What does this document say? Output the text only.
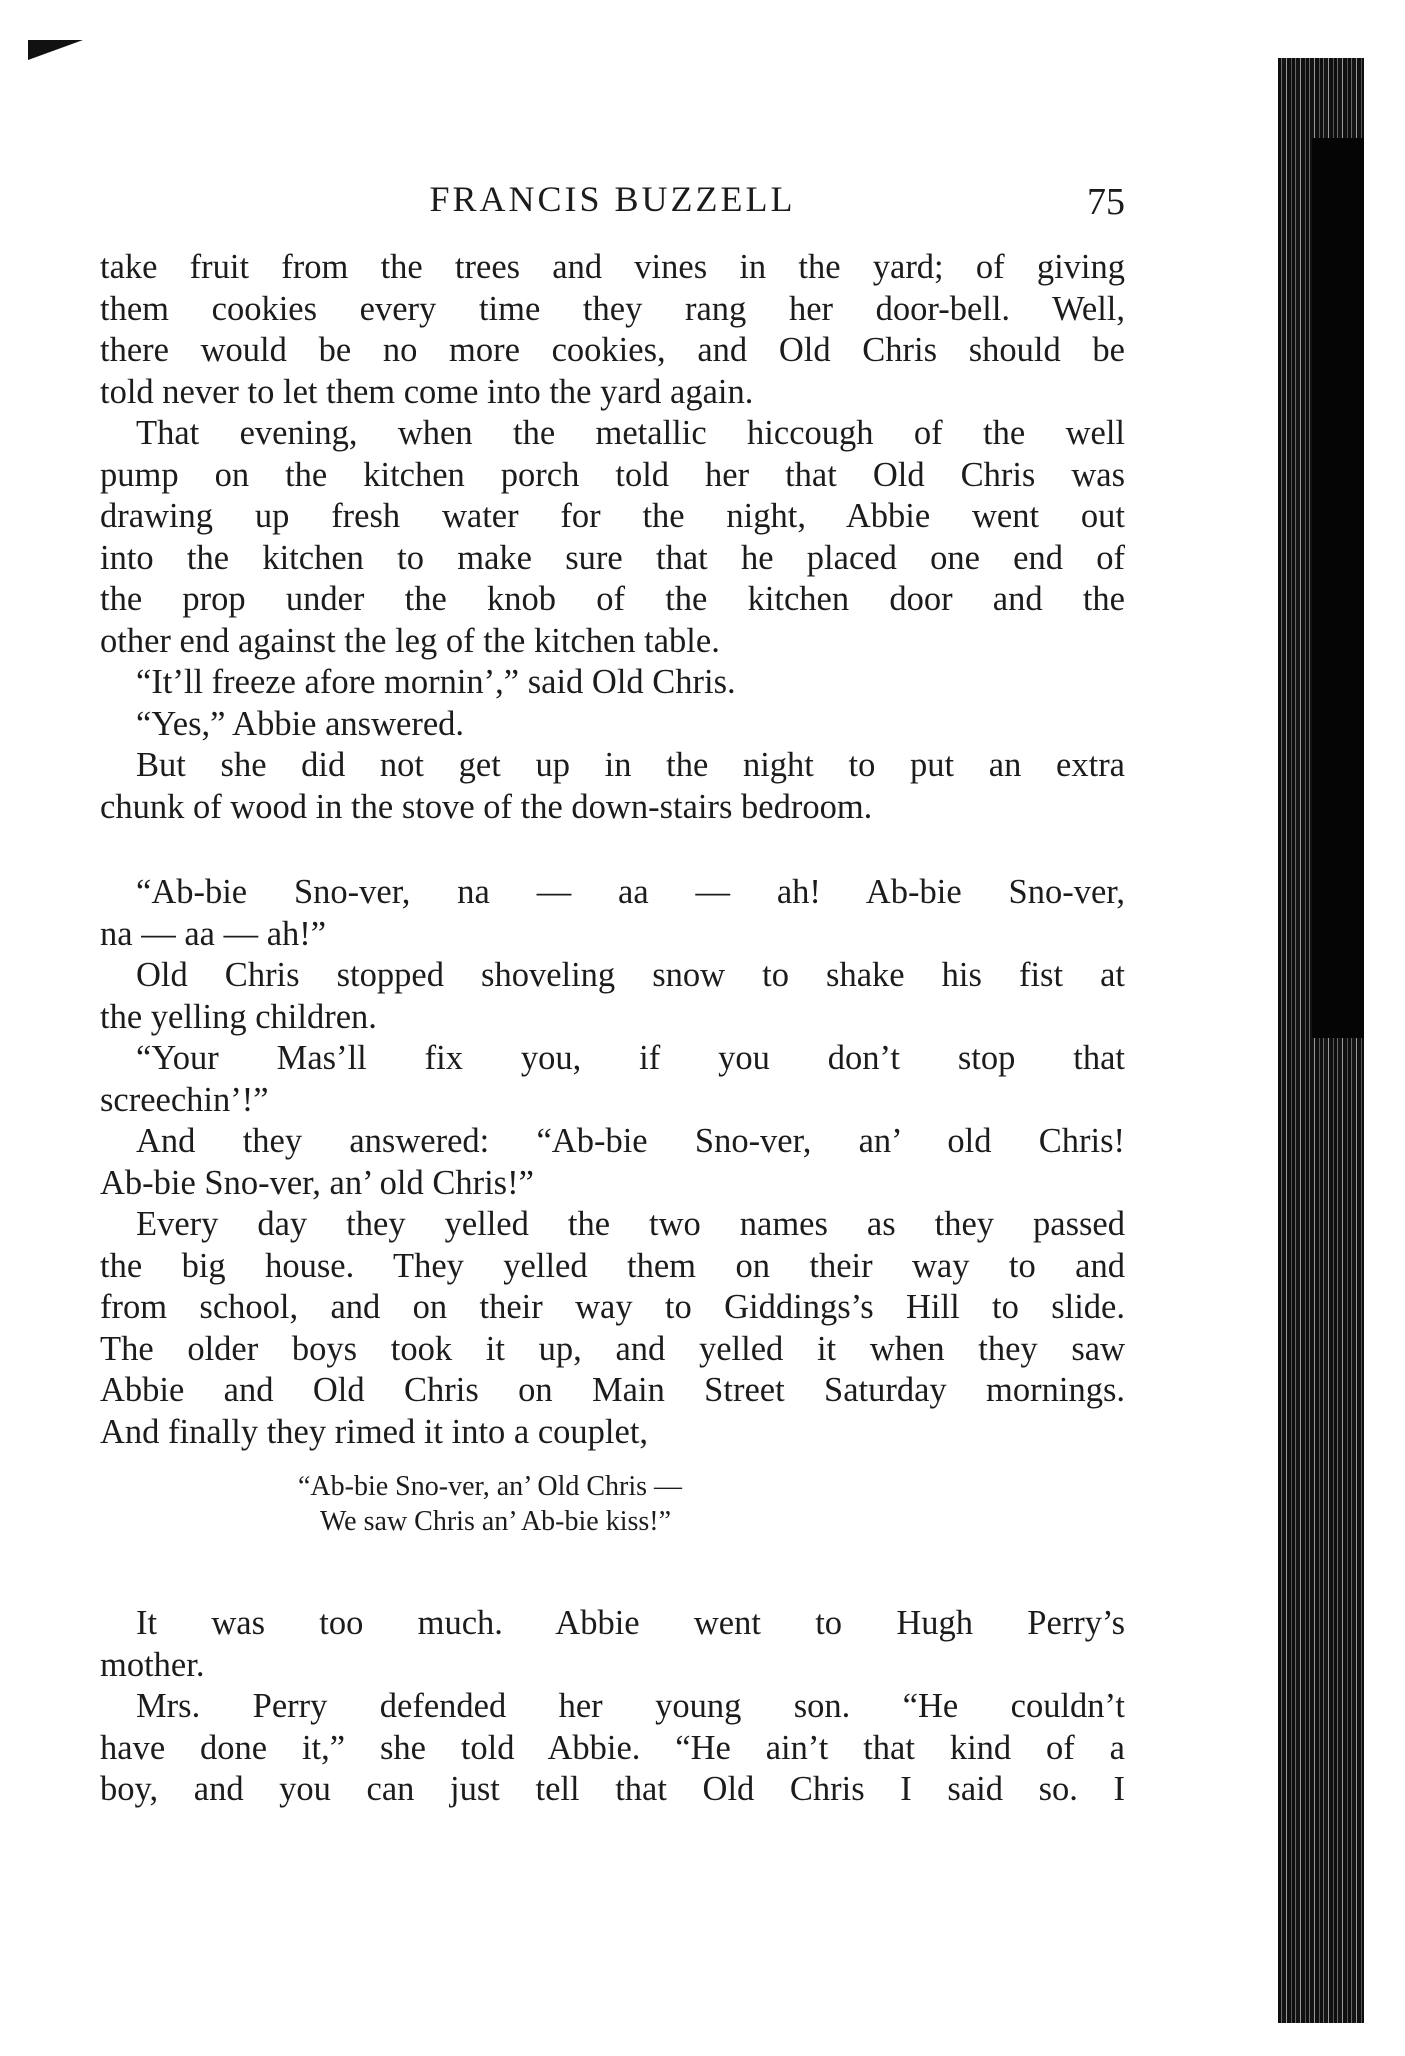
FRANCIS BUZZELL	75
take fruit from the trees and vines in the yard; of giving
them cookies every time they rang her door-bell. Well,
there would be no more cookies, and Old Chris should be
told never to let them come into the yard again.
That evening, when the metallic hiccough of the well
pump on the kitchen porch told her that Old Chris was
drawing up fresh water for the night, Abbie went out
into the kitchen to make sure that he placed one end of
the prop under the knob of the kitchen door and the
other end against the leg of the kitchen table.
“It’ll freeze afore mornin’,” said Old Chris.
“Yes,” Abbie answered.
But she did not get up in the night to put an extra
chunk of wood in the stove of the down-stairs bedroom.
“Ab-bie Sno-ver, na — aa — ah! Ab-bie Sno-ver,
na — aa — ah!”
Old Chris stopped shoveling snow to shake his fist at
the yelling children.
“Your Mas’ll fix you, if you don’t stop that
screechin’!”
And they answered: “Ab-bie Sno-ver, an’ old Chris!
Ab-bie Sno-ver, an’ old Chris!”
Every day they yelled the two names as they passed
the big house. They yelled them on their way to and
from school, and on their way to Giddings’s Hill to slide.
The older boys took it up, and yelled it when they saw
Abbie and Old Chris on Main Street Saturday mornings.
And finally they rimed it into a couplet,
“Ab-bie Sno-ver, an’ Old Chris —
We saw Chris an’ Ab-bie kiss!”
It was too much. Abbie went to Hugh Perry’s
mother.
Mrs. Perry defended her young son. “He couldn’t
have done it,” she told Abbie. “He ain’t that kind of a
boy, and you can just tell that Old Chris I said so. I
